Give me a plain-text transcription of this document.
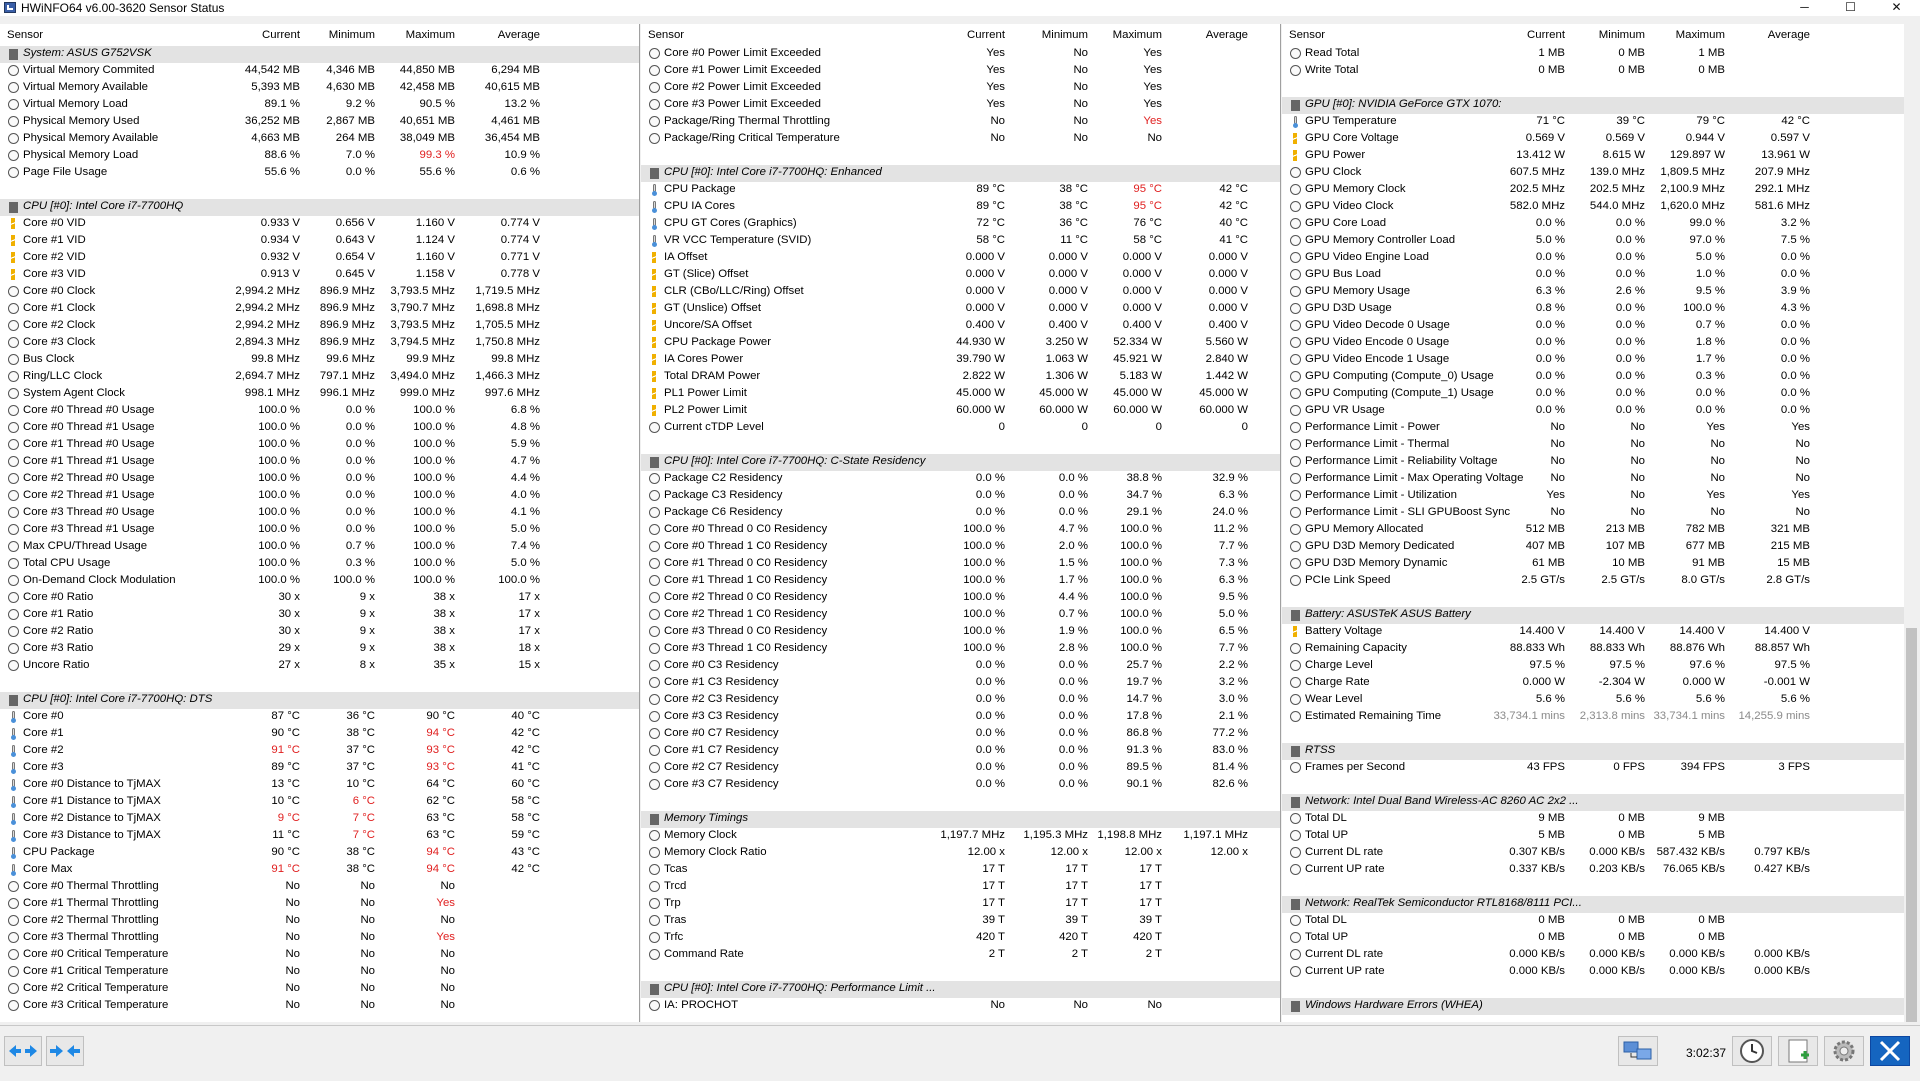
HWiNFO64 v6.00-3620 Sensor Status	─	☐	✕
Sensor	Current	Minimum	Maximum	Average
System: ASUS G752VSK
Virtual Memory Commited	44,542 MB	4,346 MB	44,850 MB	6,294 MB
Virtual Memory Available	5,393 MB	4,630 MB	42,458 MB	40,615 MB
Virtual Memory Load	89.1 %	9.2 %	90.5 %	13.2 %
Physical Memory Used	36,252 MB	2,867 MB	40,651 MB	4,461 MB
Physical Memory Available	4,663 MB	264 MB	38,049 MB	36,454 MB
Physical Memory Load	88.6 %	7.0 %	99.3 %	10.9 %
Page File Usage	55.6 %	0.0 %	55.6 %	0.6 %
CPU [#0]: Intel Core i7-7700HQ
Core #0 VID	0.933 V	0.656 V	1.160 V	0.774 V
Core #1 VID	0.934 V	0.643 V	1.124 V	0.774 V
Core #2 VID	0.932 V	0.654 V	1.160 V	0.771 V
Core #3 VID	0.913 V	0.645 V	1.158 V	0.778 V
Core #0 Clock	2,994.2 MHz	896.9 MHz	3,793.5 MHz	1,719.5 MHz
Core #1 Clock	2,994.2 MHz	896.9 MHz	3,790.7 MHz	1,698.8 MHz
Core #2 Clock	2,994.2 MHz	896.9 MHz	3,793.5 MHz	1,705.5 MHz
Core #3 Clock	2,894.3 MHz	896.9 MHz	3,794.5 MHz	1,750.8 MHz
Bus Clock	99.8 MHz	99.6 MHz	99.9 MHz	99.8 MHz
Ring/LLC Clock	2,694.7 MHz	797.1 MHz	3,494.0 MHz	1,466.3 MHz
System Agent Clock	998.1 MHz	996.1 MHz	999.0 MHz	997.6 MHz
Core #0 Thread #0 Usage	100.0 %	0.0 %	100.0 %	6.8 %
Core #0 Thread #1 Usage	100.0 %	0.0 %	100.0 %	4.8 %
Core #1 Thread #0 Usage	100.0 %	0.0 %	100.0 %	5.9 %
Core #1 Thread #1 Usage	100.0 %	0.0 %	100.0 %	4.7 %
Core #2 Thread #0 Usage	100.0 %	0.0 %	100.0 %	4.4 %
Core #2 Thread #1 Usage	100.0 %	0.0 %	100.0 %	4.0 %
Core #3 Thread #0 Usage	100.0 %	0.0 %	100.0 %	4.1 %
Core #3 Thread #1 Usage	100.0 %	0.0 %	100.0 %	5.0 %
Max CPU/Thread Usage	100.0 %	0.7 %	100.0 %	7.4 %
Total CPU Usage	100.0 %	0.3 %	100.0 %	5.0 %
On-Demand Clock Modulation	100.0 %	100.0 %	100.0 %	100.0 %
Core #0 Ratio	30 x	9 x	38 x	17 x
Core #1 Ratio	30 x	9 x	38 x	17 x
Core #2 Ratio	30 x	9 x	38 x	17 x
Core #3 Ratio	29 x	9 x	38 x	18 x
Uncore Ratio	27 x	8 x	35 x	15 x
CPU [#0]: Intel Core i7-7700HQ: DTS
Core #0	87 °C	36 °C	90 °C	40 °C
Core #1	90 °C	38 °C	94 °C	42 °C
Core #2	91 °C	37 °C	93 °C	42 °C
Core #3	89 °C	37 °C	93 °C	41 °C
Core #0 Distance to TjMAX	13 °C	10 °C	64 °C	60 °C
Core #1 Distance to TjMAX	10 °C	6 °C	62 °C	58 °C
Core #2 Distance to TjMAX	9 °C	7 °C	63 °C	58 °C
Core #3 Distance to TjMAX	11 °C	7 °C	63 °C	59 °C
CPU Package	90 °C	38 °C	94 °C	43 °C
Core Max	91 °C	38 °C	94 °C	42 °C
Core #0 Thermal Throttling	No	No	No
Core #1 Thermal Throttling	No	No	Yes
Core #2 Thermal Throttling	No	No	No
Core #3 Thermal Throttling	No	No	Yes
Core #0 Critical Temperature	No	No	No
Core #1 Critical Temperature	No	No	No
Core #2 Critical Temperature	No	No	No
Core #3 Critical Temperature	No	No	No
Sensor	Current	Minimum	Maximum	Average
Core #0 Power Limit Exceeded	Yes	No	Yes
Core #1 Power Limit Exceeded	Yes	No	Yes
Core #2 Power Limit Exceeded	Yes	No	Yes
Core #3 Power Limit Exceeded	Yes	No	Yes
Package/Ring Thermal Throttling	No	No	Yes
Package/Ring Critical Temperature	No	No	No
CPU [#0]: Intel Core i7-7700HQ: Enhanced
CPU Package	89 °C	38 °C	95 °C	42 °C
CPU IA Cores	89 °C	38 °C	95 °C	42 °C
CPU GT Cores (Graphics)	72 °C	36 °C	76 °C	40 °C
VR VCC Temperature (SVID)	58 °C	11 °C	58 °C	41 °C
IA Offset	0.000 V	0.000 V	0.000 V	0.000 V
GT (Slice) Offset	0.000 V	0.000 V	0.000 V	0.000 V
CLR (CBo/LLC/Ring) Offset	0.000 V	0.000 V	0.000 V	0.000 V
GT (Unslice) Offset	0.000 V	0.000 V	0.000 V	0.000 V
Uncore/SA Offset	0.400 V	0.400 V	0.400 V	0.400 V
CPU Package Power	44.930 W	3.250 W	52.334 W	5.560 W
IA Cores Power	39.790 W	1.063 W	45.921 W	2.840 W
Total DRAM Power	2.822 W	1.306 W	5.183 W	1.442 W
PL1 Power Limit	45.000 W	45.000 W	45.000 W	45.000 W
PL2 Power Limit	60.000 W	60.000 W	60.000 W	60.000 W
Current cTDP Level	0	0	0	0
CPU [#0]: Intel Core i7-7700HQ: C-State Residency
Package C2 Residency	0.0 %	0.0 %	38.8 %	32.9 %
Package C3 Residency	0.0 %	0.0 %	34.7 %	6.3 %
Package C6 Residency	0.0 %	0.0 %	29.1 %	24.0 %
Core #0 Thread 0 C0 Residency	100.0 %	4.7 %	100.0 %	11.2 %
Core #0 Thread 1 C0 Residency	100.0 %	2.0 %	100.0 %	7.7 %
Core #1 Thread 0 C0 Residency	100.0 %	1.5 %	100.0 %	7.3 %
Core #1 Thread 1 C0 Residency	100.0 %	1.7 %	100.0 %	6.3 %
Core #2 Thread 0 C0 Residency	100.0 %	4.4 %	100.0 %	9.5 %
Core #2 Thread 1 C0 Residency	100.0 %	0.7 %	100.0 %	5.0 %
Core #3 Thread 0 C0 Residency	100.0 %	1.9 %	100.0 %	6.5 %
Core #3 Thread 1 C0 Residency	100.0 %	2.8 %	100.0 %	7.7 %
Core #0 C3 Residency	0.0 %	0.0 %	25.7 %	2.2 %
Core #1 C3 Residency	0.0 %	0.0 %	19.7 %	3.2 %
Core #2 C3 Residency	0.0 %	0.0 %	14.7 %	3.0 %
Core #3 C3 Residency	0.0 %	0.0 %	17.8 %	2.1 %
Core #0 C7 Residency	0.0 %	0.0 %	86.8 %	77.2 %
Core #1 C7 Residency	0.0 %	0.0 %	91.3 %	83.0 %
Core #2 C7 Residency	0.0 %	0.0 %	89.5 %	81.4 %
Core #3 C7 Residency	0.0 %	0.0 %	90.1 %	82.6 %
Memory Timings
Memory Clock	1,197.7 MHz	1,195.3 MHz 1,198.8 MHz	1,197.1 MHz
Memory Clock Ratio	12.00 x	12.00 x	12.00 x	12.00 x
Tcas	17 T	17 T	17 T
Trcd	17 T	17 T	17 T
Trp	17 T	17 T	17 T
Tras	39 T	39 T	39 T
Trfc	420 T	420 T	420 T
Command Rate	2 T	2 T	2 T
CPU [#0]: Intel Core i7-7700HQ: Performance Limit ...
IA: PROCHOT	No	No	No
Sensor	Current	Minimum	Maximum	Average
Read Total	1 MB	0 MB	1 MB
Write Total	0 MB	0 MB	0 MB
GPU [#0]: NVIDIA GeForce GTX 1070:
GPU Temperature	71 °C	39 °C	79 °C	42 °C
GPU Core Voltage	0.569 V	0.569 V	0.944 V	0.597 V
GPU Power	13.412 W	8.615 W	129.897 W	13.961 W
GPU Clock	607.5 MHz	139.0 MHz	1,809.5 MHz	207.9 MHz
GPU Memory Clock	202.5 MHz	202.5 MHz	2,100.9 MHz	292.1 MHz
GPU Video Clock	582.0 MHz	544.0 MHz	1,620.0 MHz	581.6 MHz
GPU Core Load	0.0 %	0.0 %	99.0 %	3.2 %
GPU Memory Controller Load	5.0 %	0.0 %	97.0 %	7.5 %
GPU Video Engine Load	0.0 %	0.0 %	5.0 %	0.0 %
GPU Bus Load	0.0 %	0.0 %	1.0 %	0.0 %
GPU Memory Usage	6.3 %	2.6 %	9.5 %	3.9 %
GPU D3D Usage	0.8 %	0.0 %	100.0 %	4.3 %
GPU Video Decode 0 Usage	0.0 %	0.0 %	0.7 %	0.0 %
GPU Video Encode 0 Usage	0.0 %	0.0 %	1.8 %	0.0 %
GPU Video Encode 1 Usage	0.0 %	0.0 %	1.7 %	0.0 %
GPU Computing (Compute_0) Usage	0.0 %	0.0 %	0.3 %	0.0 %
GPU Computing (Compute_1) Usage	0.0 %	0.0 %	0.0 %	0.0 %
GPU VR Usage	0.0 %	0.0 %	0.0 %	0.0 %
Performance Limit - Power	No	No	Yes	Yes
Performance Limit - Thermal	No	No	No	No
Performance Limit - Reliability Voltage	No	No	No	No
Performance Limit - Max Operating Voltage	No	No	No	No
Performance Limit - Utilization	Yes	No	Yes	Yes
Performance Limit - SLI GPUBoost Sync	No	No	No	No
GPU Memory Allocated	512 MB	213 MB	782 MB	321 MB
GPU D3D Memory Dedicated	407 MB	107 MB	677 MB	215 MB
GPU D3D Memory Dynamic	61 MB	10 MB	91 MB	15 MB
PCIe Link Speed	2.5 GT/s	2.5 GT/s	8.0 GT/s	2.8 GT/s
Battery: ASUSTeK ASUS Battery
Battery Voltage	14.400 V	14.400 V	14.400 V	14.400 V
Remaining Capacity	88.833 Wh	88.833 Wh	88.876 Wh	88.857 Wh
Charge Level	97.5 %	97.5 %	97.6 %	97.5 %
Charge Rate	0.000 W	-2.304 W	0.000 W	-0.001 W
Wear Level	5.6 %	5.6 %	5.6 %	5.6 %
Estimated Remaining Time	33,734.1 mins	2,313.8 mins 33,734.1 mins	14,255.9 mins
RTSS
Frames per Second	43 FPS	0 FPS	394 FPS	3 FPS
Network: Intel Dual Band Wireless-AC 8260 AC 2x2 ...
Total DL	9 MB	0 MB	9 MB
Total UP	5 MB	0 MB	5 MB
Current DL rate	0.307 KB/s	0.000 KB/s	587.432 KB/s	0.797 KB/s
Current UP rate	0.337 KB/s	0.203 KB/s	76.065 KB/s	0.427 KB/s
Network: RealTek Semiconductor RTL8168/8111 PCI...
Total DL	0 MB	0 MB	0 MB
Total UP	0 MB	0 MB	0 MB
Current DL rate	0.000 KB/s	0.000 KB/s	0.000 KB/s	0.000 KB/s
Current UP rate	0.000 KB/s	0.000 KB/s	0.000 KB/s	0.000 KB/s
Windows Hardware Errors (WHEA)
3:02:37
